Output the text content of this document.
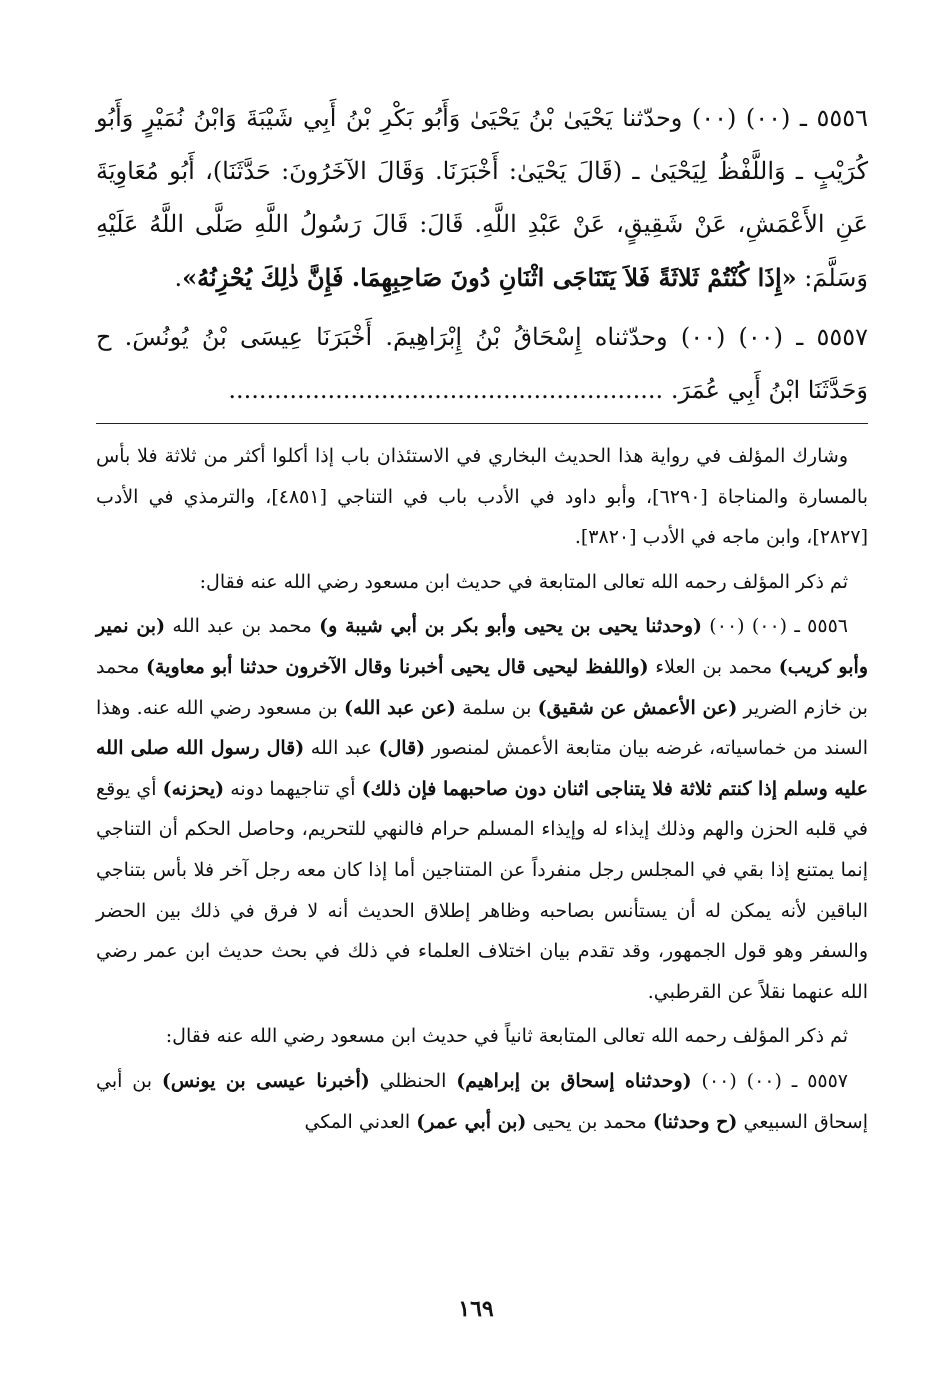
٥٥٥٦ ـ (٠٠) (٠٠) وحدّثنا يَحْيَىٰ بْنُ يَحْيَىٰ وَأَبُو بَكْرِ بْنُ أَبِي شَيْبَةَ وَابْنُ نُمَيْرٍ وَأَبُو كُرَيْبٍ ـ وَاللَّفْظُ لِيَحْيَىٰ ـ (قَالَ يَحْيَىٰ: أَخْبَرَنَا. وَقَالَ الآخَرُونَ: حَدَّثَنَا)، أَبُو مُعَاوِيَةَ عَنِ الأَعْمَشِ، عَنْ شَقِيقٍ، عَنْ عَبْدِ اللَّهِ. قَالَ: قَالَ رَسُولُ اللَّهِ صَلَّى اللَّهُ عَلَيْهِ وَسَلَّمَ: «إِذَا كُنْتُمْ ثَلاثَةً فَلاَ يَتَنَاجَى اثْنَانِ دُونَ صَاحِبِهِمَا. فَإِنَّ ذٰلِكَ يُحْزِنُهُ».

٥٥٥٧ ـ (٠٠) (٠٠) وحدّثناه إِسْحَاقُ بْنُ إِبْرَاهِيمَ. أَخْبَرَنَا عِيسَى بْنُ يُونُسَ. ح وَحَدَّثَنَا ابْنُ أَبِي عُمَرَ. .........................................................

وشارك المؤلف في رواية هذا الحديث البخاري في الاستئذان باب إذا أكلوا أكثر من ثلاثة فلا بأس بالمسارة والمناجاة [٦٢٩٠]، وأبو داود في الأدب باب في التناجي [٤٨٥١]، والترمذي في الأدب [٢٨٢٧]، وابن ماجه في الأدب [٣٨٢٠].

ثم ذكر المؤلف رحمه الله تعالى المتابعة في حديث ابن مسعود رضي الله عنه فقال:

٥٥٥٦ ـ (٠٠) (٠٠) (وحدثنا يحيى بن يحيى وأبو بكر بن أبي شيبة و) محمد بن عبد الله (بن نمير وأبو كريب) محمد بن العلاء (واللفظ ليحيى قال يحيى أخبرنا وقال الآخرون حدثنا أبو معاوية) محمد بن خازم الضرير (عن الأعمش عن شقيق) بن سلمة (عن عبد الله) بن مسعود رضي الله عنه. وهذا السند من خماسياته، غرضه بيان متابعة الأعمش لمنصور (قال) عبد الله (قال رسول الله صلى الله عليه وسلم إذا كنتم ثلاثة فلا يتناجى اثنان دون صاحبهما فإن ذلك) أي تناجيهما دونه (يحزنه) أي يوقع في قلبه الحزن والهم وذلك إيذاء له وإيذاء المسلم حرام فالنهي للتحريم، وحاصل الحكم أن التناجي إنما يمتنع إذا بقي في المجلس رجل منفرداً عن المتناجين أما إذا كان معه رجل آخر فلا بأس بتناجي الباقين لأنه يمكن له أن يستأنس بصاحبه وظاهر إطلاق الحديث أنه لا فرق في ذلك بين الحضر والسفر وهو قول الجمهور، وقد تقدم بيان اختلاف العلماء في ذلك في بحث حديث ابن عمر رضي الله عنهما نقلاً عن القرطبي.

ثم ذكر المؤلف رحمه الله تعالى المتابعة ثانياً في حديث ابن مسعود رضي الله عنه فقال:

٥٥٥٧ ـ (٠٠) (٠٠) (وحدثناه إسحاق بن إبراهيم) الحنظلي (أخبرنا عيسى بن يونس) بن أبي إسحاق السبيعي (ح وحدثنا) محمد بن يحيى (بن أبي عمر) العدني المكي

١٦٩
